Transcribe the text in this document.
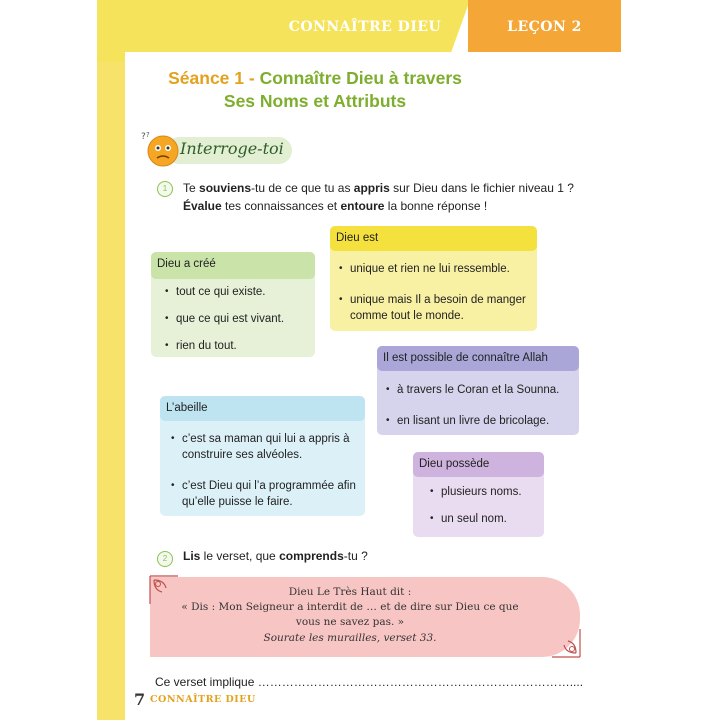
CONNAÎTRE DIEU	LEÇON 2
Séance 1 - Connaître Dieu à travers
Ses Noms et Attributs
? ?
Interroge-toi
1	Te souviens-tu de ce que tu as appris sur Dieu dans le fichier niveau 1 ?
Évalue tes connaissances et entoure la bonne réponse !
Dieu a créé
• tout ce qui existe.
• que ce qui est vivant.
• rien du tout.
Dieu est
• unique et rien ne lui ressemble.
• unique mais Il a besoin de manger
comme tout le monde.
Il est possible de connaître Allah
• à travers le Coran et la Sounna.
• en lisant un livre de bricolage.
L’abeille
• c’est sa maman qui lui a appris à
construire ses alvéoles.
• c’est Dieu qui l’a programmée afin
qu’elle puisse le faire.
Dieu possède
• plusieurs noms.
• un seul nom.
2	Lis le verset, que comprends-tu ?
Dieu Le Très Haut dit :
« Dis : Mon Seigneur a interdit de … et de dire sur Dieu ce que
vous ne savez pas. »
Sourate les murailles, verset 33.
Ce verset implique ……………………………………………………………………....
7 CONNAÎTRE DIEU
